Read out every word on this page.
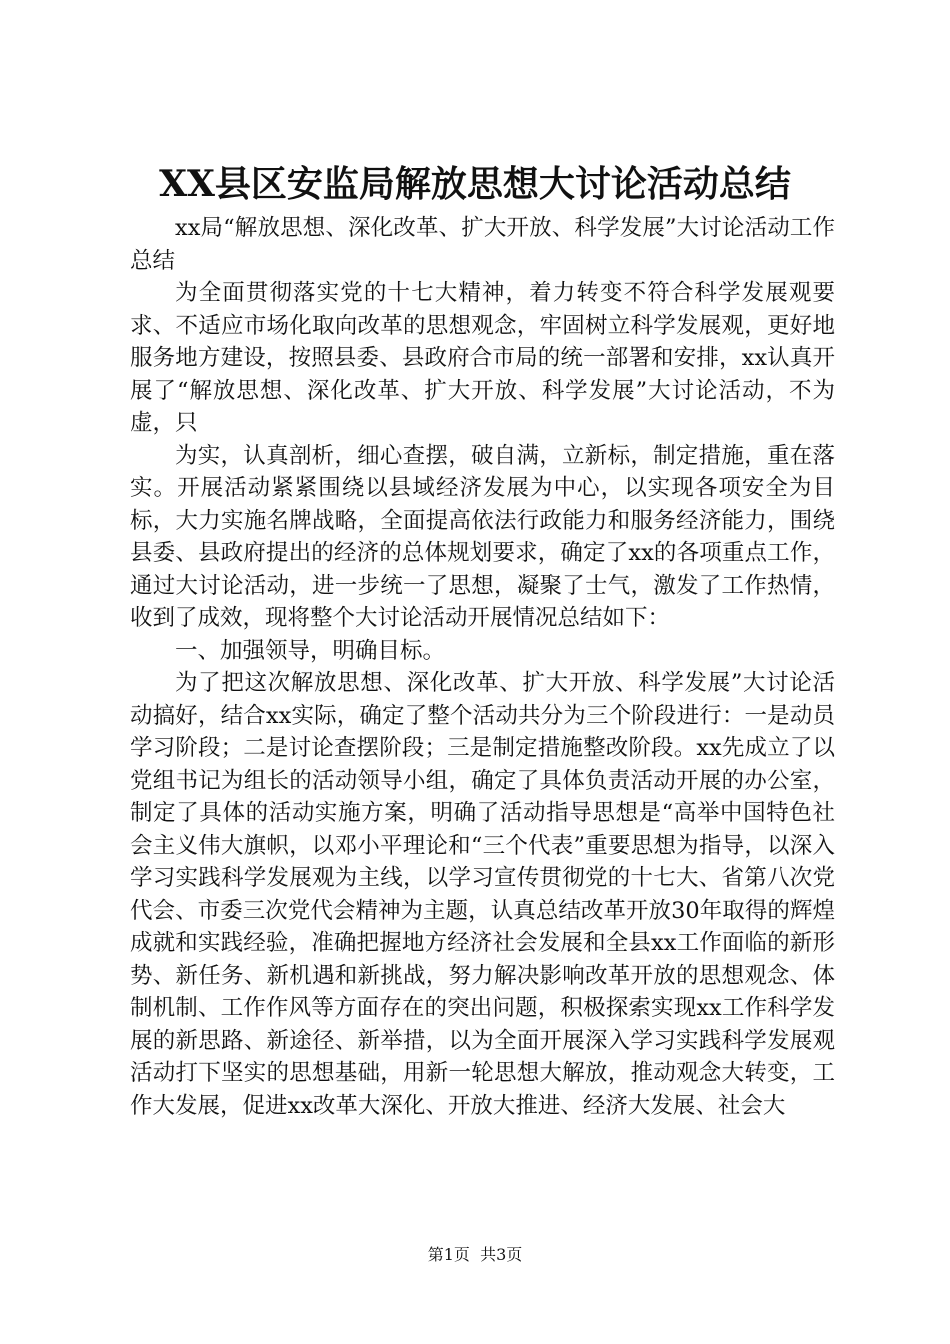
XX县区安监局解放思想大讨论活动总结

xx局“解放思想、深化改革、扩大开放、科学发展”大讨论活动工作总结

为全面贯彻落实党的十七大精神，着力转变不符合科学发展观要求、不适应市场化取向改革的思想观念，牢固树立科学发展观，更好地服务地方建设，按照县委、县政府合市局的统一部署和安排，xx认真开展了“解放思想、深化改革、扩大开放、科学发展”大讨论活动，不为虚，只

为实，认真剖析，细心查摆，破自满，立新标，制定措施，重在落实。开展活动紧紧围绕以县域经济发展为中心，以实现各项安全为目标，大力实施名牌战略，全面提高依法行政能力和服务经济能力，围绕县委、县政府提出的经济的总体规划要求，确定了xx的各项重点工作，通过大讨论活动，进一步统一了思想，凝聚了士气，激发了工作热情，收到了成效，现将整个大讨论活动开展情况总结如下：

一、加强领导，明确目标。

为了把这次解放思想、深化改革、扩大开放、科学发展”大讨论活动搞好，结合xx实际，确定了整个活动共分为三个阶段进行：一是动员学习阶段；二是讨论查摆阶段；三是制定措施整改阶段。xx先成立了以党组书记为组长的活动领导小组，确定了具体负责活动开展的办公室，制定了具体的活动实施方案，明确了活动指导思想是“高举中国特色社会主义伟大旗帜，以邓小平理论和“三个代表”重要思想为指导，以深入学习实践科学发展观为主线，以学习宣传贯彻党的十七大、省第八次党代会、市委三次党代会精神为主题，认真总结改革开放30年取得的辉煌成就和实践经验，准确把握地方经济社会发展和全县xx工作面临的新形势、新任务、新机遇和新挑战，努力解决影响改革开放的思想观念、体制机制、工作作风等方面存在的突出问题，积极探索实现xx工作科学发展的新思路、新途径、新举措，以为全面开展深入学习实践科学发展观活动打下坚实的思想基础，用新一轮思想大解放，推动观念大转变，工作大发展，促进xx改革大深化、开放大推进、经济大发展、社会大

第1页  共3页
